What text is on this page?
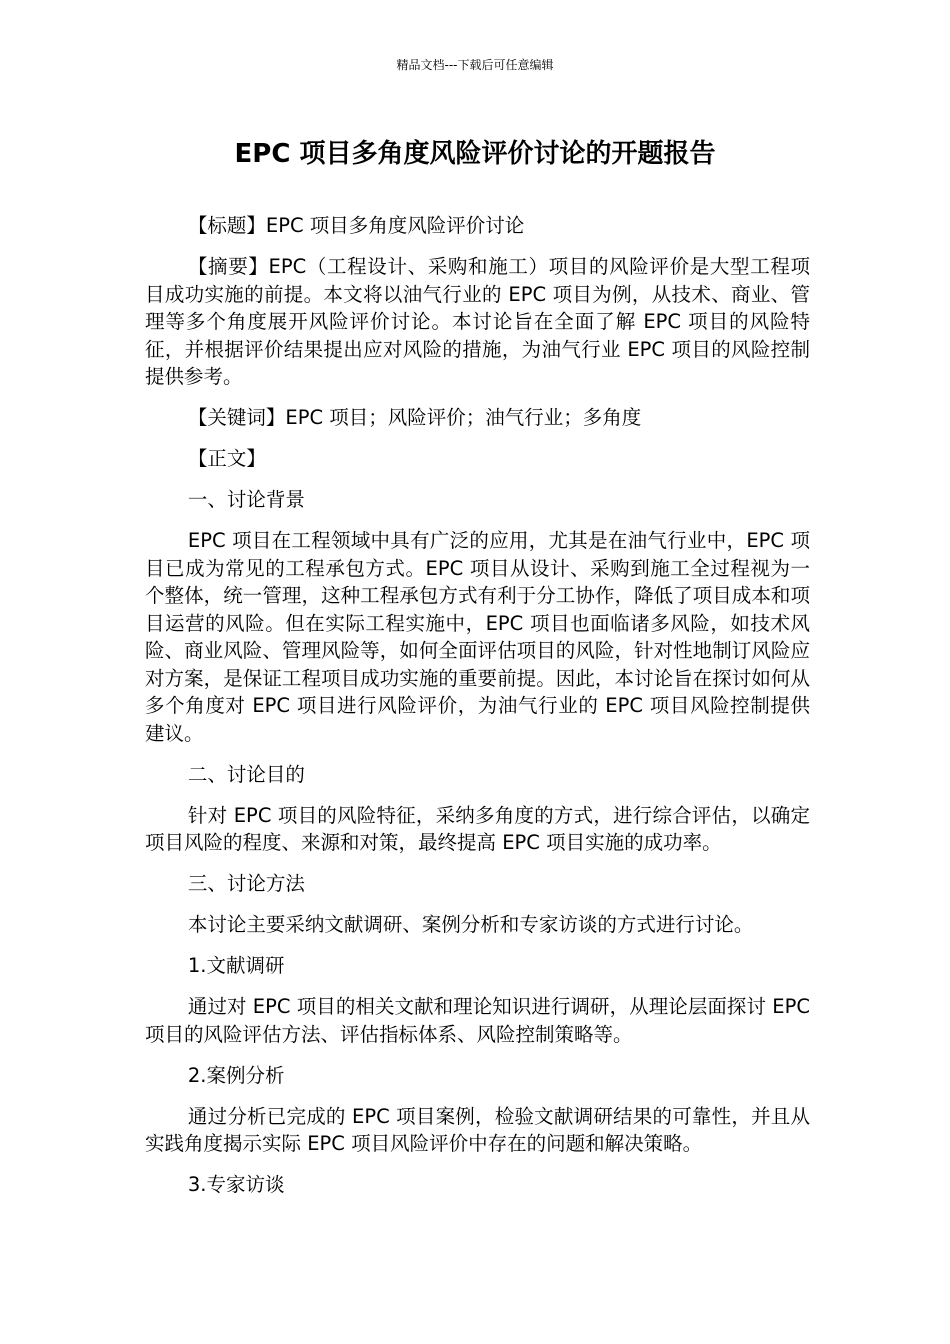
精品文档---下载后可任意编辑
EPC 项目多角度风险评价讨论的开题报告

【标题】EPC 项目多角度风险评价讨论

【摘要】EPC（工程设计、采购和施工）项目的风险评价是大型工程项目成功实施的前提。本文将以油气行业的 EPC 项目为例，从技术、商业、管理等多个角度展开风险评价讨论。本讨论旨在全面了解 EPC 项目的风险特征，并根据评价结果提出应对风险的措施，为油气行业 EPC 项目的风险控制提供参考。

【关键词】EPC 项目；风险评价；油气行业；多角度

【正文】

一、讨论背景

EPC 项目在工程领域中具有广泛的应用，尤其是在油气行业中，EPC 项目已成为常见的工程承包方式。EPC 项目从设计、采购到施工全过程视为一个整体，统一管理，这种工程承包方式有利于分工协作，降低了项目成本和项目运营的风险。但在实际工程实施中，EPC 项目也面临诸多风险，如技术风险、商业风险、管理风险等，如何全面评估项目的风险，针对性地制订风险应对方案，是保证工程项目成功实施的重要前提。因此，本讨论旨在探讨如何从多个角度对 EPC 项目进行风险评价，为油气行业的 EPC 项目风险控制提供建议。

二、讨论目的

针对 EPC 项目的风险特征，采纳多角度的方式，进行综合评估，以确定项目风险的程度、来源和对策，最终提高 EPC 项目实施的成功率。

三、讨论方法

本讨论主要采纳文献调研、案例分析和专家访谈的方式进行讨论。

1.文献调研

通过对 EPC 项目的相关文献和理论知识进行调研，从理论层面探讨 EPC 项目的风险评估方法、评估指标体系、风险控制策略等。

2.案例分析

通过分析已完成的 EPC 项目案例，检验文献调研结果的可靠性，并且从实践角度揭示实际 EPC 项目风险评价中存在的问题和解决策略。

3.专家访谈
